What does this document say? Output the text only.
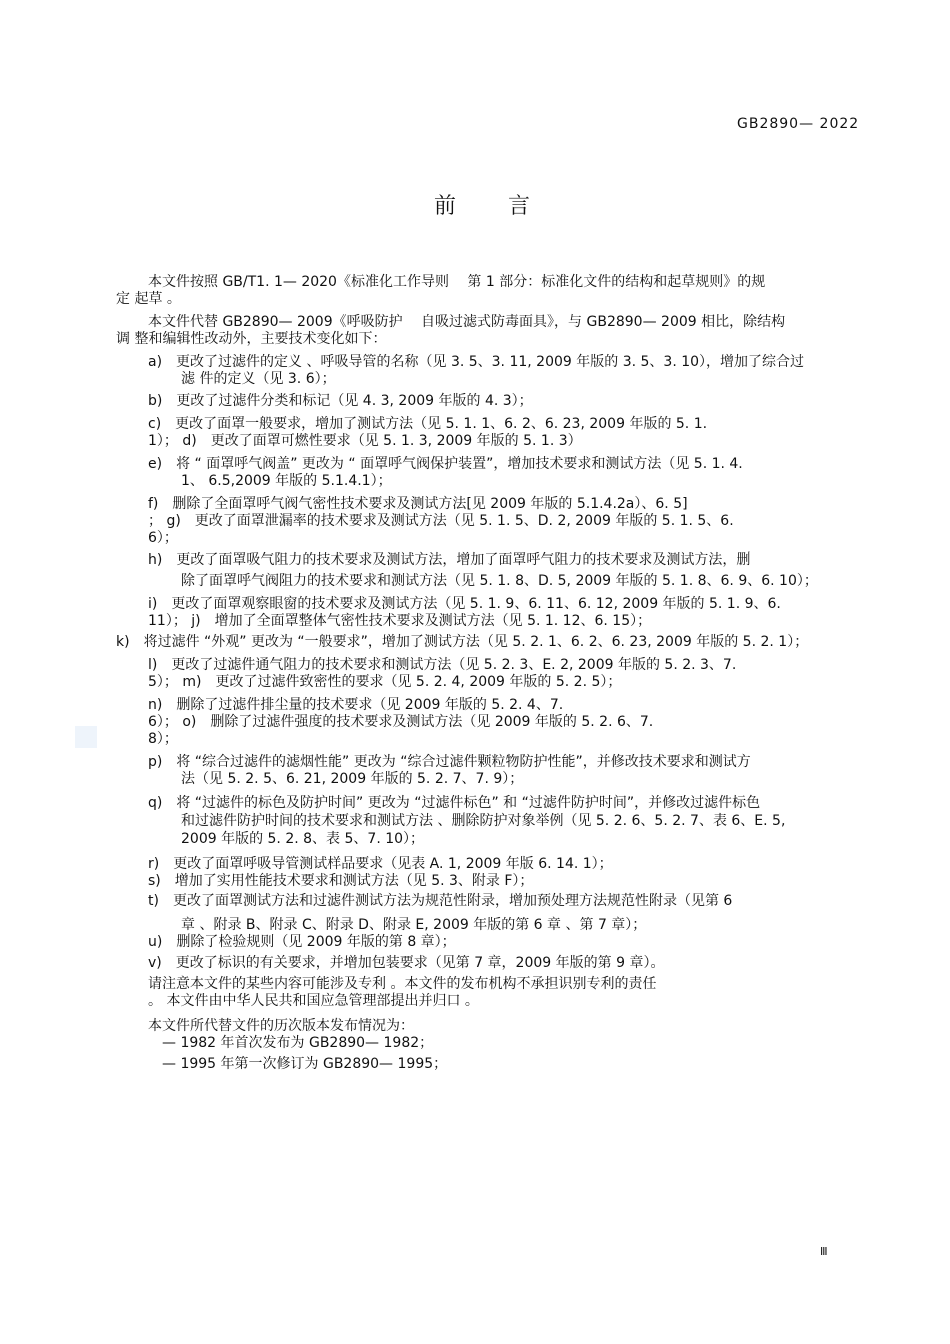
GB2890— 2022
前 言
本文件按照 GB/T1. 1— 2020《标准化工作导则　 第 1 部分：标准化文件的结构和起草规则》的规
定 起草 。
本文件代替 GB2890— 2009《呼吸防护　 自吸过滤式防毒面具》，与 GB2890— 2009 相比，除结构
调 整和编辑性改动外，主要技术变化如下：
a)　更改了过滤件的定义 、呼吸导管的名称（见 3. 5、3. 11, 2009 年版的 3. 5、3. 10），增加了综合过
滤 件的定义（见 3. 6）；
b)　更改了过滤件分类和标记（见 4. 3, 2009 年版的 4. 3）；
c)　更改了面罩一般要求，增加了测试方法（见 5. 1. 1、6. 2、6. 23, 2009 年版的 5. 1.
1）； d)　更改了面罩可燃性要求（见 5. 1. 3, 2009 年版的 5. 1. 3）
e)　将 “ 面罩呼气阀盖” 更改为 “ 面罩呼气阀保护装置”，增加技术要求和测试方法（见 5. 1. 4.
1、 6.5,2009 年版的 5.1.4.1）；
f)　删除了全面罩呼气阀气密性技术要求及测试方法[见 2009 年版的 5.1.4.2a）、6. 5]
； g)　更改了面罩泄漏率的技术要求及测试方法（见 5. 1. 5、D. 2, 2009 年版的 5. 1. 5、6.
6）；
h)　更改了面罩吸气阻力的技术要求及测试方法，增加了面罩呼气阻力的技术要求及测试方法，删
除了面罩呼气阀阻力的技术要求和测试方法（见 5. 1. 8、D. 5, 2009 年版的 5. 1. 8、6. 9、6. 10）；
i)　更改了面罩观察眼窗的技术要求及测试方法（见 5. 1. 9、6. 11、6. 12, 2009 年版的 5. 1. 9、6.
11）； j)　增加了全面罩整体气密性技术要求及测试方法（见 5. 1. 12、6. 15）；
k)　将过滤件 “外观” 更改为 “一般要求”，增加了测试方法（见 5. 2. 1、6. 2、6. 23, 2009 年版的 5. 2. 1）；
l)　更改了过滤件通气阻力的技术要求和测试方法（见 5. 2. 3、E. 2, 2009 年版的 5. 2. 3、7.
5）； m)　更改了过滤件致密性的要求（见 5. 2. 4, 2009 年版的 5. 2. 5）；
n)　删除了过滤件排尘量的技术要求（见 2009 年版的 5. 2. 4、7.
6）； o)　删除了过滤件强度的技术要求及测试方法（见 2009 年版的 5. 2. 6、7.
8）；
p)　将 “综合过滤件的滤烟性能” 更改为 “综合过滤件颗粒物防护性能”，并修改技术要求和测试方
法（见 5. 2. 5、6. 21, 2009 年版的 5. 2. 7、7. 9）；
q)　将 “过滤件的标色及防护时间” 更改为 “过滤件标色” 和 “过滤件防护时间”，并修改过滤件标色
和过滤件防护时间的技术要求和测试方法 、删除防护对象举例（见 5. 2. 6、5. 2. 7、表 6、E. 5,
2009 年版的 5. 2. 8、表 5、7. 10）；
r)　更改了面罩呼吸导管测试样品要求（见表 A. 1, 2009 年版 6. 14. 1）；
s)　增加了实用性能技术要求和测试方法（见 5. 3、附录 F）；
t)　更改了面罩测试方法和过滤件测试方法为规范性附录，增加预处理方法规范性附录（见第 6
章 、附录 B、附录 C、附录 D、附录 E, 2009 年版的第 6 章 、第 7 章）；
u)　删除了检验规则（见 2009 年版的第 8 章）；
v)　更改了标识的有关要求，并增加包装要求（见第 7 章，2009 年版的第 9 章）。
请注意本文件的某些内容可能涉及专利 。本文件的发布机构不承担识别专利的责任
。 本文件由中华人民共和国应急管理部提出并归口 。
本文件所代替文件的历次版本发布情况为：
— 1982 年首次发布为 GB2890— 1982；
— 1995 年第一次修订为 GB2890— 1995；
Ⅲ
